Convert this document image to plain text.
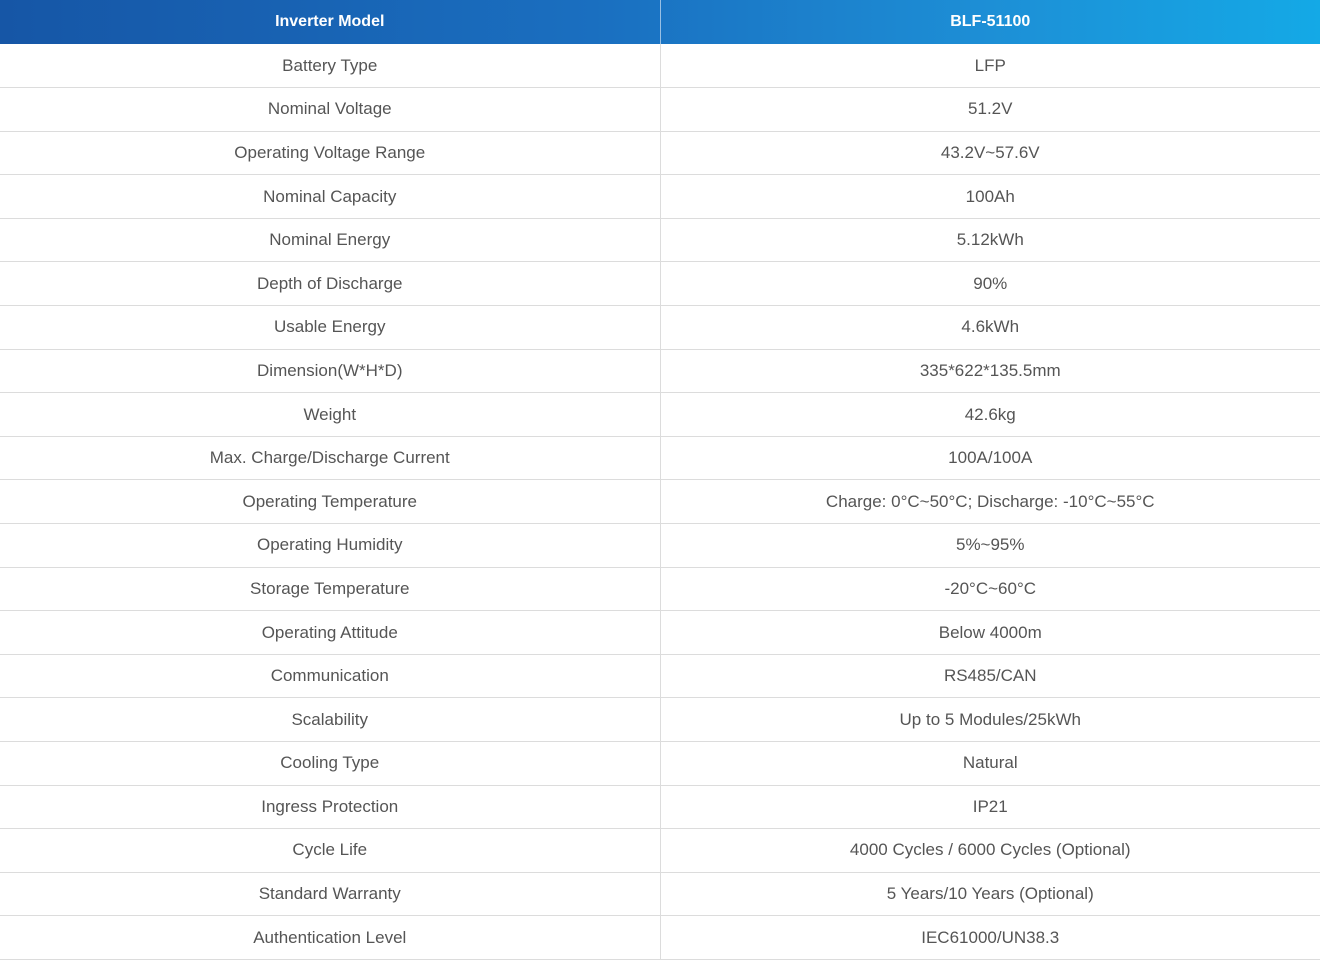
Inverter Model	BLF-51100
Battery Type	LFP
Nominal Voltage	51.2V
Operating Voltage Range	43.2V~57.6V
Nominal Capacity	100Ah
Nominal Energy	5.12kWh
Depth of Discharge	90%
Usable Energy	4.6kWh
Dimension(W*H*D)	335*622*135.5mm
Weight	42.6kg
Max. Charge/Discharge Current	100A/100A
Operating Temperature	Charge: 0°C~50°C; Discharge: -10°C~55°C
Operating Humidity	5%~95%
Storage Temperature	-20°C~60°C
Operating Attitude	Below 4000m
Communication	RS485/CAN
Scalability	Up to 5 Modules/25kWh
Cooling Type	Natural
Ingress Protection	IP21
Cycle Life	4000 Cycles / 6000 Cycles (Optional)
Standard Warranty	5 Years/10 Years (Optional)
Authentication Level	IEC61000/UN38.3
